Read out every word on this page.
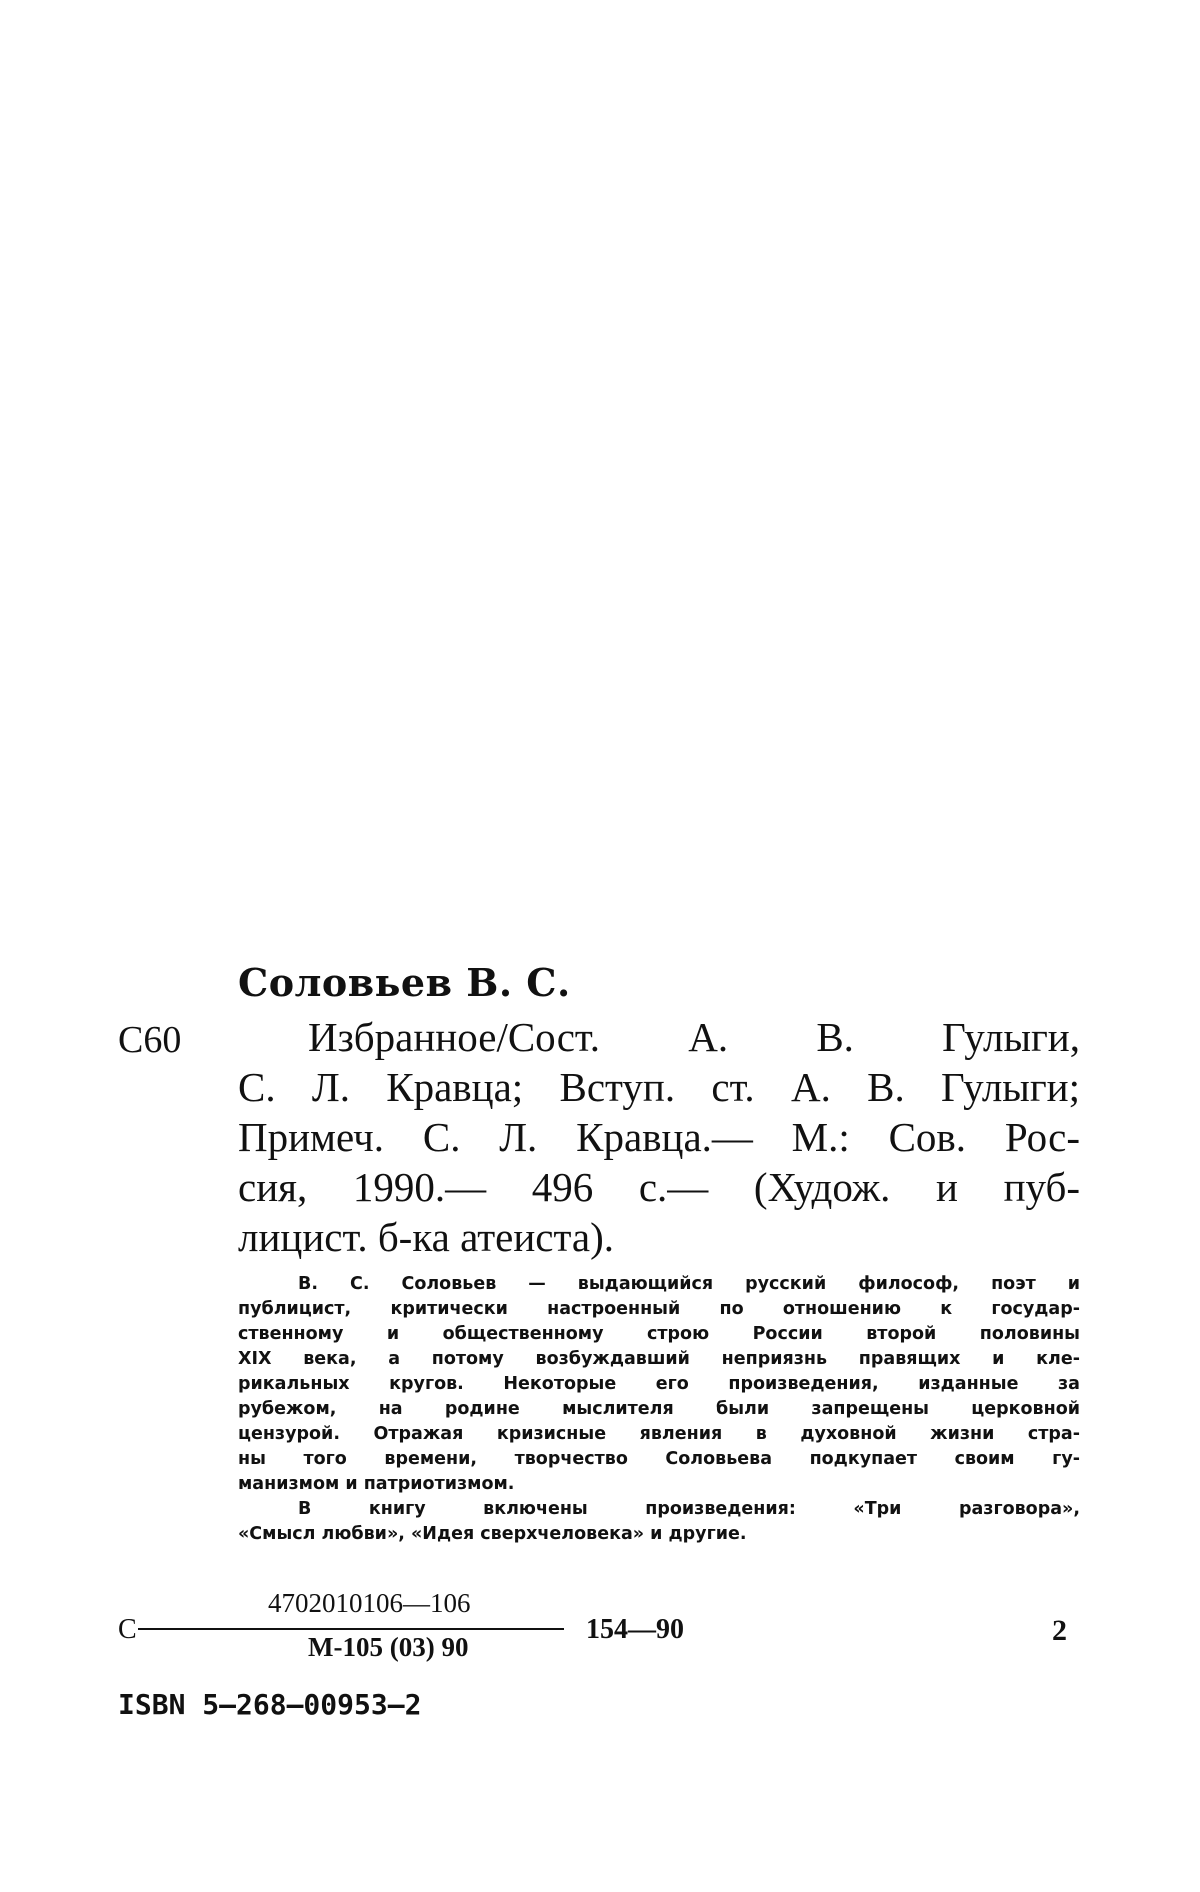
Соловьев В. С.
С60	Избранное/Сост. А. В. Гулыги,
С. Л. Кравца; Вступ. ст. А. В. Гулыги;
Примеч. С. Л. Кравца.— М.: Сов. Рос-
сия, 1990.— 496 с.— (Худож. и пуб-
лицист. б-ка атеиста).
В. С. Соловьев — выдающийся русский философ, поэт и
публицист, критически настроенный по отношению к государ-
ственному и общественному строю России второй половины
XIX века, а потому возбуждавший неприязнь правящих и кле-
рикальных кругов. Некоторые его произведения, изданные за
рубежом, на родине мыслителя были запрещены церковной
цензурой. Отражая кризисные явления в духовной жизни стра-
ны того времени, творчество Соловьева подкупает своим гу-
манизмом и патриотизмом.
В книгу включены произведения: «Три разговора»,
«Смысл любви», «Идея сверхчеловека» и другие.
С
4702010106—106
М-105 (03) 90
154—90	2
ISBN 5—268—00953—2
